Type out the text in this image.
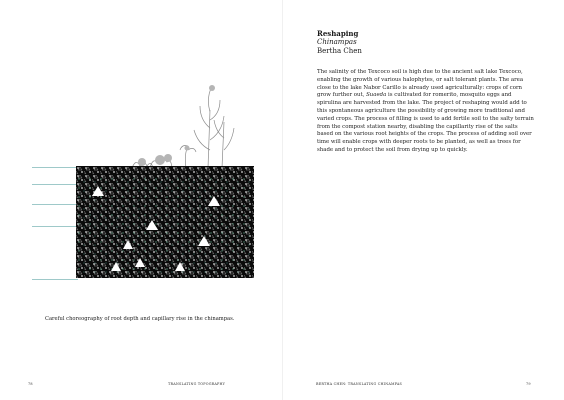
Careful choreography of root depth and capillary rise in the chinampas.
Reshaping
Chinampas
Bertha Chen
The salinity of the Texcoco soil is high due to the ancient salt lake Texcoco, enabling the growth of various halophytes, or salt tolerant plants. The area close to the lake Nabor Carillo is already used agriculturally: crops of corn grow further out, Suaeda is cultivated for romerito, mosquito eggs and spirulina are harvested from the lake. The project of reshaping would add to this spontaneous agriculture the possibility of growing more traditional and varied crops. The process of filling is used to add fertile soil to the salty terrain from the compost station nearby, disabling the capillarity rise of the salts based on the various root heights of the crops. The process of adding soil over time will enable crops with deeper roots to be planted, as well as trees for shade and to protect the soil from drying up to quickly.
78	TRANSLATING TOPOGRAPHY	BERTHA CHEN: TRANSLATING CHINAMPAS	79
